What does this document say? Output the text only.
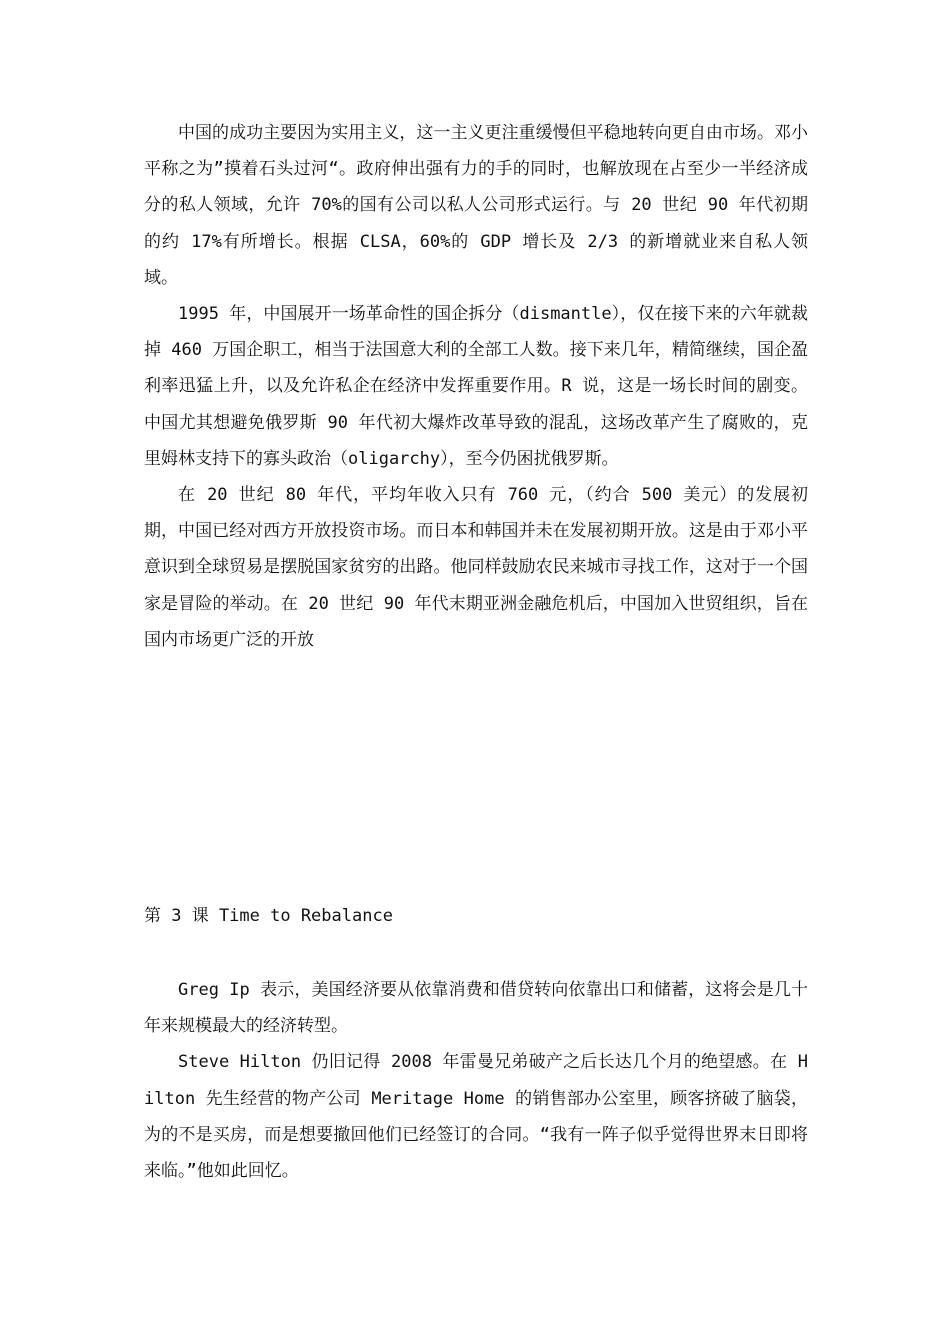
中国的成功主要因为实用主义，这一主义更注重缓慢但平稳地转向更自由市场。邓小平称之为”摸着石头过河“。政府伸出强有力的手的同时，也解放现在占至少一半经济成分的私人领域，允许 70%的国有公司以私人公司形式运行。与 20 世纪 90 年代初期的约 17%有所增长。根据 CLSA，60%的 GDP 增长及 2/3 的新增就业来自私人领域。

1995 年，中国展开一场革命性的国企拆分（dismantle），仅在接下来的六年就裁掉 460 万国企职工，相当于法国意大利的全部工人数。接下来几年，精简继续，国企盈利率迅猛上升，以及允许私企在经济中发挥重要作用。R 说，这是一场长时间的剧变。中国尤其想避免俄罗斯 90 年代初大爆炸改革导致的混乱，这场改革产生了腐败的，克里姆林支持下的寡头政治（oligarchy），至今仍困扰俄罗斯。

在 20 世纪 80 年代，平均年收入只有 760 元，（约合 500 美元）的发展初期，中国已经对西方开放投资市场。而日本和韩国并未在发展初期开放。这是由于邓小平意识到全球贸易是摆脱国家贫穷的出路。他同样鼓励农民来城市寻找工作，这对于一个国家是冒险的举动。在 20 世纪 90 年代末期亚洲金融危机后，中国加入世贸组织，旨在国内市场更广泛的开放

第 3 课 Time to Rebalance

Greg Ip 表示，美国经济要从依靠消费和借贷转向依靠出口和储蓄，这将会是几十年来规模最大的经济转型。

Steve Hilton 仍旧记得 2008 年雷曼兄弟破产之后长达几个月的绝望感。在 Hilton 先生经营的物产公司 Meritage Home 的销售部办公室里，顾客挤破了脑袋，为的不是买房，而是想要撤回他们已经签订的合同。“我有一阵子似乎觉得世界末日即将来临。”他如此回忆。
